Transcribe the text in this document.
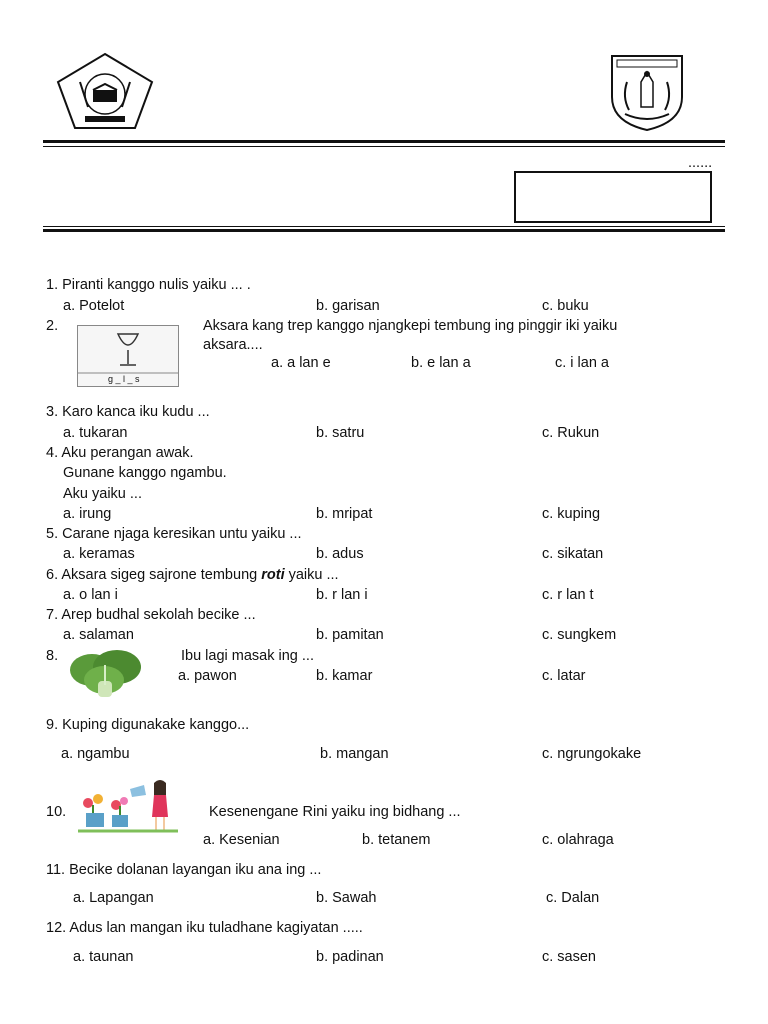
......
1. Piranti kanggo nulis yaiku ... .
a. Potelot	b. garisan	c. buku
2.
g _ l _ s
Aksara kang trep kanggo njangkepi tembung ing pinggir iki yaiku
aksara....
a. a lan e	b. e lan a	c. i lan a
3. Karo kanca iku kudu ...
a. tukaran	b. satru	c. Rukun
4. Aku perangan awak.
Gunane kanggo ngambu.
Aku yaiku ...
a. irung	b. mripat	c. kuping
5. Carane njaga keresikan untu yaiku ...
a. keramas	b. adus	c. sikatan
6. Aksara sigeg sajrone tembung roti yaiku ...
a. o lan i	b. r lan i	c. r lan t
7. Arep budhal sekolah becike ...
a. salaman	b. pamitan	c. sungkem
8.	Ibu lagi masak ing ...
a. pawon	b. kamar	c. latar
9. Kuping digunakake kanggo...
a. ngambu	b. mangan	c. ngrungokake
10.	Kesenengane Rini yaiku ing bidhang ...
a. Kesenian	b. tetanem	c. olahraga
11. Becike dolanan layangan iku ana ing ...
a. Lapangan	b. Sawah	c. Dalan
12. Adus lan mangan iku tuladhane kagiyatan .....
a. taunan	b. padinan	c. sasen
